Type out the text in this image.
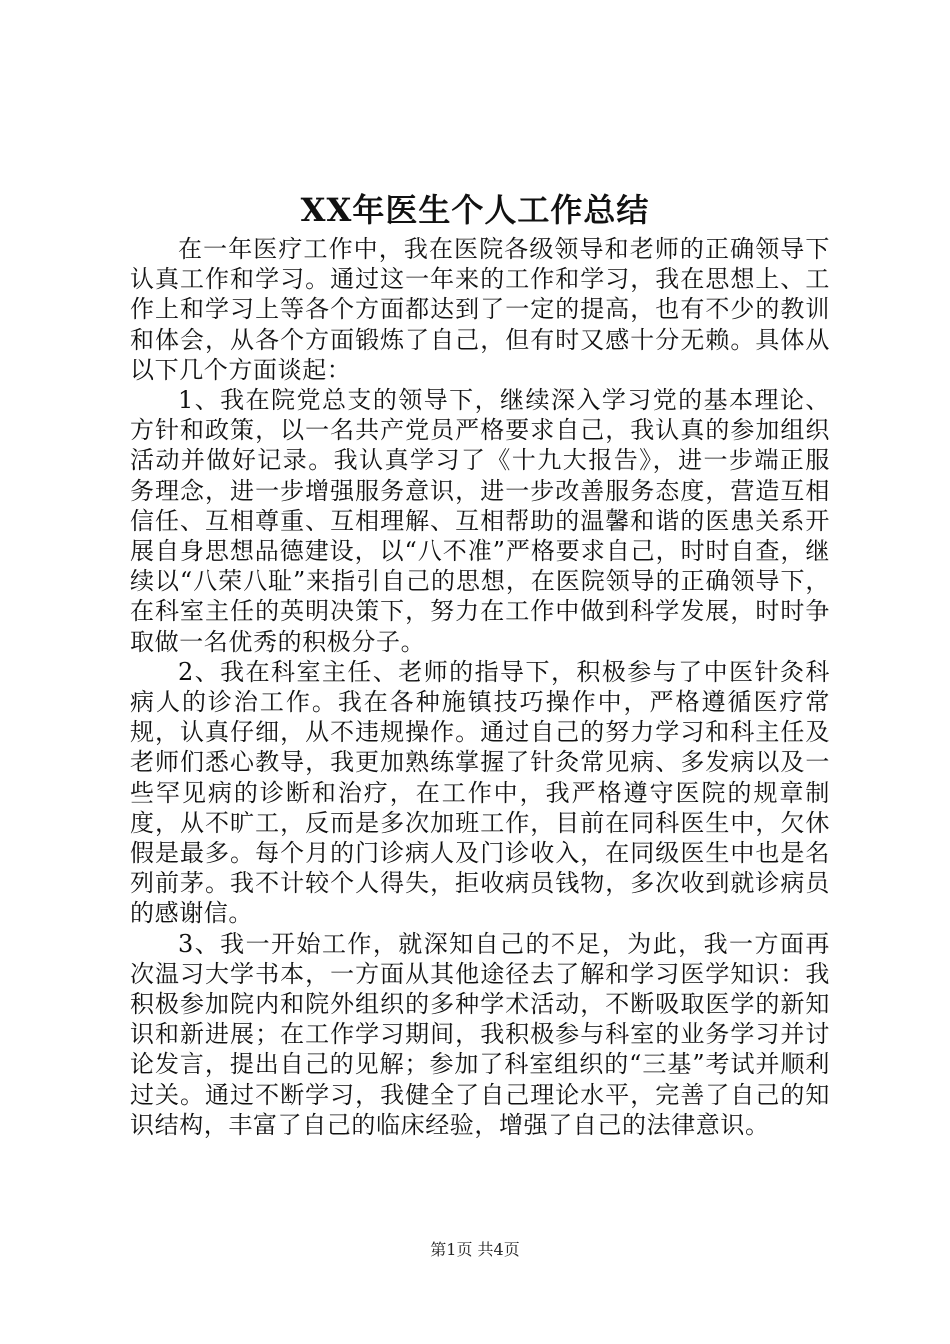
XX年医生个人工作总结

在一年医疗工作中，我在医院各级领导和老师的正确领导下认真工作和学习。通过这一年来的工作和学习，我在思想上、工作上和学习上等各个方面都达到了一定的提高，也有不少的教训和体会，从各个方面锻炼了自己，但有时又感十分无赖。具体从以下几个方面谈起：

1、我在院党总支的领导下，继续深入学习党的基本理论、方针和政策，以一名共产党员严格要求自己，我认真的参加组织活动并做好记录。我认真学习了《十九大报告》，进一步端正服务理念，进一步增强服务意识，进一步改善服务态度，营造互相信任、互相尊重、互相理解、互相帮助的温馨和谐的医患关系开展自身思想品德建设，以“八不准”严格要求自己，时时自查，继续以“八荣八耻”来指引自己的思想，在医院领导的正确领导下，在科室主任的英明决策下，努力在工作中做到科学发展，时时争取做一名优秀的积极分子。

2、我在科室主任、老师的指导下，积极参与了中医针灸科病人的诊治工作。我在各种施镇技巧操作中，严格遵循医疗常规，认真仔细，从不违规操作。通过自己的努力学习和科主任及老师们悉心教导，我更加熟练掌握了针灸常见病、多发病以及一些罕见病的诊断和治疗，在工作中，我严格遵守医院的规章制度，从不旷工，反而是多次加班工作，目前在同科医生中，欠休假是最多。每个月的门诊病人及门诊收入，在同级医生中也是名列前茅。我不计较个人得失，拒收病员钱物，多次收到就诊病员的感谢信。

3、我一开始工作，就深知自己的不足，为此，我一方面再次温习大学书本，一方面从其他途径去了解和学习医学知识：我积极参加院内和院外组织的多种学术活动，不断吸取医学的新知识和新进展；在工作学习期间，我积极参与科室的业务学习并讨论发言，提出自己的见解；参加了科室组织的“三基”考试并顺利过关。通过不断学习，我健全了自己理论水平，完善了自己的知识结构，丰富了自己的临床经验，增强了自己的法律意识。

第1页 共4页
